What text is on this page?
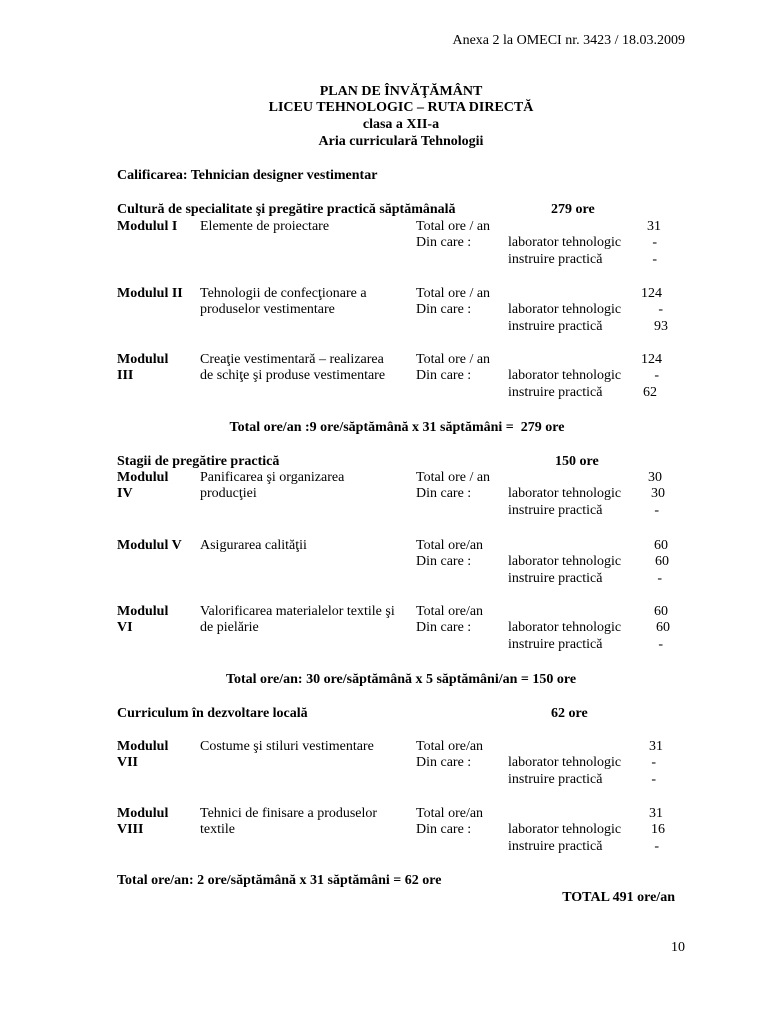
Anexa 2 la OMECI nr. 3423 / 18.03.2009
PLAN DE ÎNVĂŢĂMÂNT
LICEU TEHNOLOGIC – RUTA DIRECTĂ
clasa a XII-a
Aria curriculară Tehnologii
Calificarea: Tehnician designer vestimentar
Cultură de specialitate şi pregătire practică săptămânală	279 ore
Modulul I Elemente de proiectare	Total ore / an	31
Din care :	laborator tehnologic -
instruire practică	-
Modulul II Tehnologii de confecţionare a
produselor vestimentare
Total ore / an	124
Din care :	laborator tehnologic	-
instruire practică	93
Modulul
III
Creaţie vestimentară – realizarea
de schiţe şi produse vestimentare
Total ore / an	124
Din care :	laborator tehnologic -
instruire practică	62
Total ore/an :9 ore/săptămână x 31 săptămâni =  279 ore
Stagii de pregătire practică	150 ore
Modulul
IV
Panificarea şi organizarea
producţiei
Total ore / an	30
Din care :	laborator tehnologic 30
instruire practică	-
Modulul V Asigurarea calităţii	Total ore/an	60
Din care :	laborator tehnologic 60
instruire practică	-
Modulul
VI
Valorificarea materialelor textile şi
de pielărie
Total ore/an	60
Din care :	laborator tehnologic 60
instruire practică	-
Total ore/an: 30 ore/săptămână x 5 săptămâni/an = 150 ore
Curriculum în dezvoltare locală	62 ore
Modulul
VII
Costume şi stiluri vestimentare	Total ore/an	31
Din care :	laborator tehnologic -
instruire practică	-
Modulul
VIII
Tehnici de finisare a produselor
textile
Total ore/an	31
Din care :	laborator tehnologic 16
instruire practică	-
Total ore/an: 2 ore/săptămână x 31 săptămâni = 62 ore
TOTAL 491 ore/an
10
